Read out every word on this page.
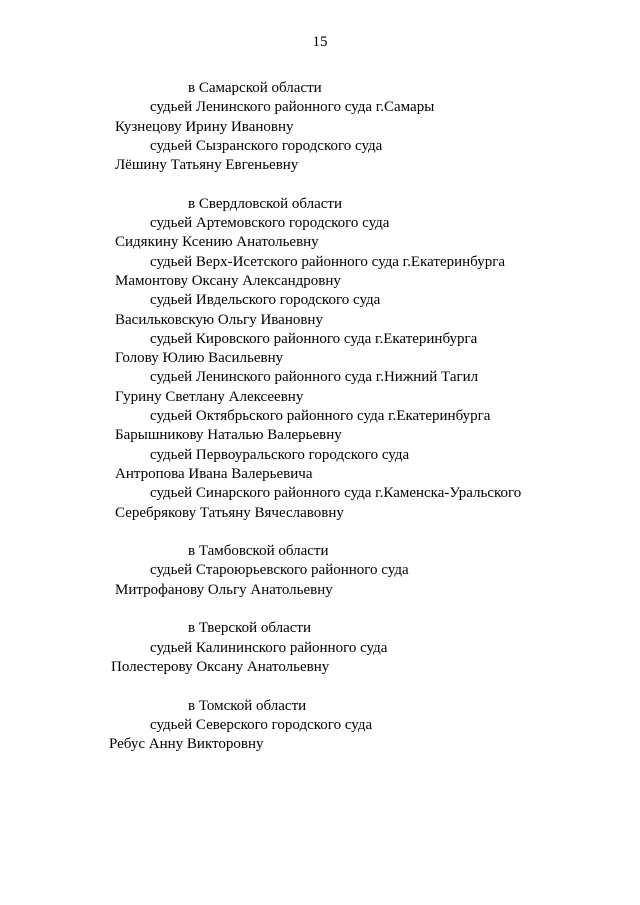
15
в Самарской области
судьей Ленинского районного суда г.Самары
Кузнецову Ирину Ивановну
судьей Сызранского городского суда
Лёшину Татьяну Евгеньевну
в Свердловской области
судьей Артемовского городского суда
Сидякину Ксению Анатольевну
судьей Верх-Исетского районного суда г.Екатеринбурга
Мамонтову Оксану Александровну
судьей Ивдельского городского суда
Васильковскую Ольгу Ивановну
судьей Кировского районного суда г.Екатеринбурга
Голову Юлию Васильевну
судьей Ленинского районного суда г.Нижний Тагил
Гурину Светлану Алексеевну
судьей Октябрьского районного суда г.Екатеринбурга
Барышникову Наталью Валерьевну
судьей Первоуральского городского суда
Антропова Ивана Валерьевича
судьей Синарского районного суда г.Каменска-Уральского
Серебрякову Татьяну Вячеславовну
в Тамбовской области
судьей Староюрьевского районного суда
Митрофанову Ольгу Анатольевну
в Тверской области
судьей Калининского районного суда
Полестерову Оксану Анатольевну
в Томской области
судьей Северского городского суда
Ребус Анну Викторовну
